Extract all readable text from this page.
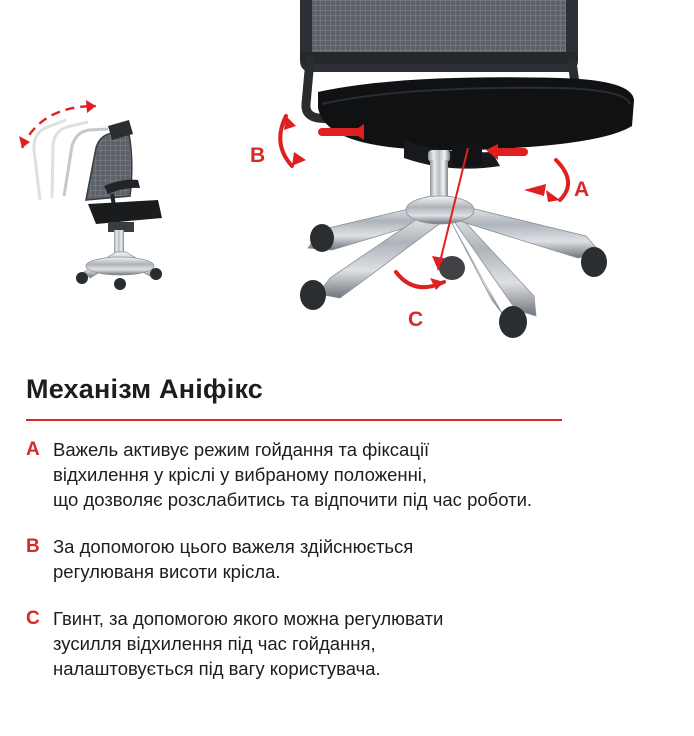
A
B
C
Механізм Аніфікс
A Важель активує режим гойдання та фіксації
відхилення у кріслі у вибраному положенні,
що дозволяє розслабитись та відпочити під час роботи.
B За допомогою цього важеля здійснюється
регулюваня висоти крісла.
C Гвинт, за допомогою якого можна регулювати
зусилля відхилення під час гойдання,
налаштовується під вагу користувача.
